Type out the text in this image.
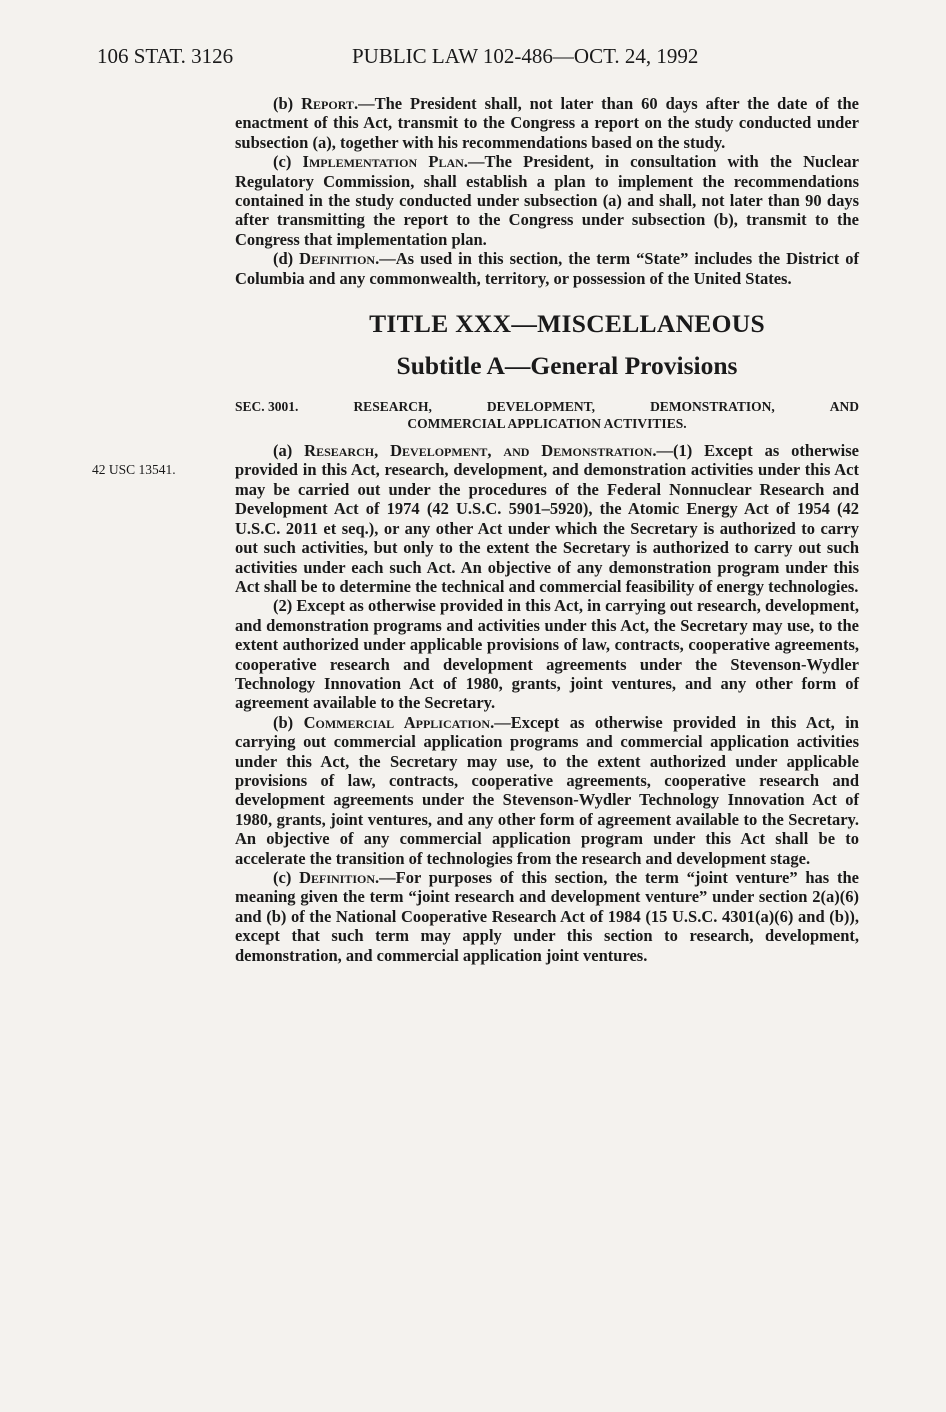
106 STAT. 3126	PUBLIC LAW 102-486—OCT. 24, 1992
42 USC 13541.

(b) Report.—The President shall, not later than 60 days after the date of the enactment of this Act, transmit to the Congress a report on the study conducted under subsection (a), together with his recommendations based on the study.

(c) Implementation Plan.—The President, in consultation with the Nuclear Regulatory Commission, shall establish a plan to implement the recommendations contained in the study conducted under subsection (a) and shall, not later than 90 days after transmitting the report to the Congress under subsection (b), transmit to the Congress that implementation plan.

(d) Definition.—As used in this section, the term “State” includes the District of Columbia and any commonwealth, territory, or possession of the United States.

TITLE XXX—MISCELLANEOUS
Subtitle A—General Provisions
SEC. 3001.	RESEARCH,	DEVELOPMENT,	DEMONSTRATION,	AND
COMMERCIAL APPLICATION ACTIVITIES.

(a) Research, Development, and Demonstration.—(1) Except as otherwise provided in this Act, research, development, and demonstration activities under this Act may be carried out under the procedures of the Federal Nonnuclear Research and Development Act of 1974 (42 U.S.C. 5901–5920), the Atomic Energy Act of 1954 (42 U.S.C. 2011 et seq.), or any other Act under which the Secretary is authorized to carry out such activities, but only to the extent the Secretary is authorized to carry out such activities under each such Act. An objective of any demonstration program under this Act shall be to determine the technical and commercial feasibility of energy technologies.

(2) Except as otherwise provided in this Act, in carrying out research, development, and demonstration programs and activities under this Act, the Secretary may use, to the extent authorized under applicable provisions of law, contracts, cooperative agreements, cooperative research and development agreements under the Stevenson-Wydler Technology Innovation Act of 1980, grants, joint ventures, and any other form of agreement available to the Secretary.

(b) Commercial Application.—Except as otherwise provided in this Act, in carrying out commercial application programs and commercial application activities under this Act, the Secretary may use, to the extent authorized under applicable provisions of law, contracts, cooperative agreements, cooperative research and development agreements under the Stevenson-Wydler Technology Innovation Act of 1980, grants, joint ventures, and any other form of agreement available to the Secretary. An objective of any commercial application program under this Act shall be to accelerate the transition of technologies from the research and development stage.

(c) Definition.—For purposes of this section, the term “joint venture” has the meaning given the term “joint research and development venture” under section 2(a)(6) and (b) of the National Cooperative Research Act of 1984 (15 U.S.C. 4301(a)(6) and (b)), except that such term may apply under this section to research, development, demonstration, and commercial application joint ventures.
